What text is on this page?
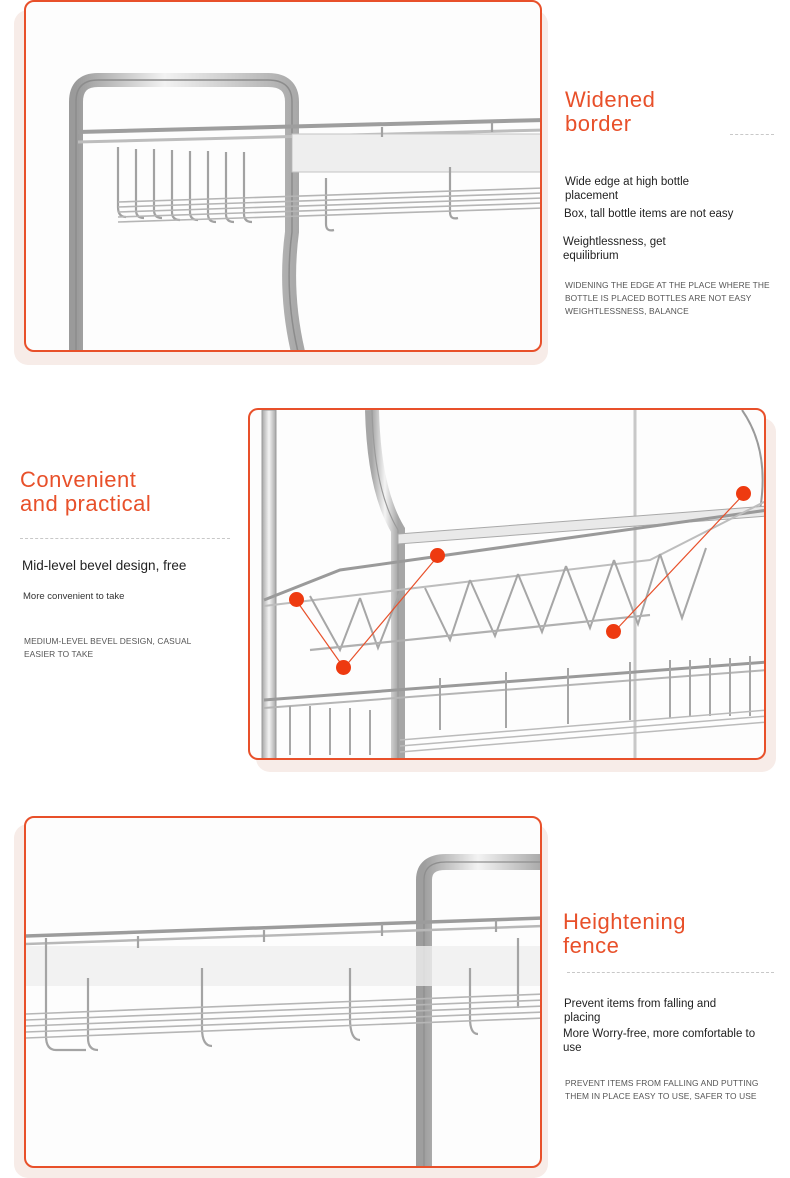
Widened
border
Wide edge at high bottle placement
Box, tall bottle items are not easy
Weightlessness, get equilibrium
WIDENING THE EDGE AT THE PLACE WHERE THE BOTTLE IS PLACED BOTTLES ARE NOT EASY WEIGHTLESSNESS, BALANCE
Convenient
and practical
Mid-level bevel design, free
More convenient to take
MEDIUM-LEVEL BEVEL DESIGN, CASUAL EASIER TO TAKE
Heightening
fence
Prevent items from falling and placing
More Worry-free, more comfortable to use
PREVENT ITEMS FROM FALLING AND PUTTING THEM IN PLACE EASY TO USE, SAFER TO USE
